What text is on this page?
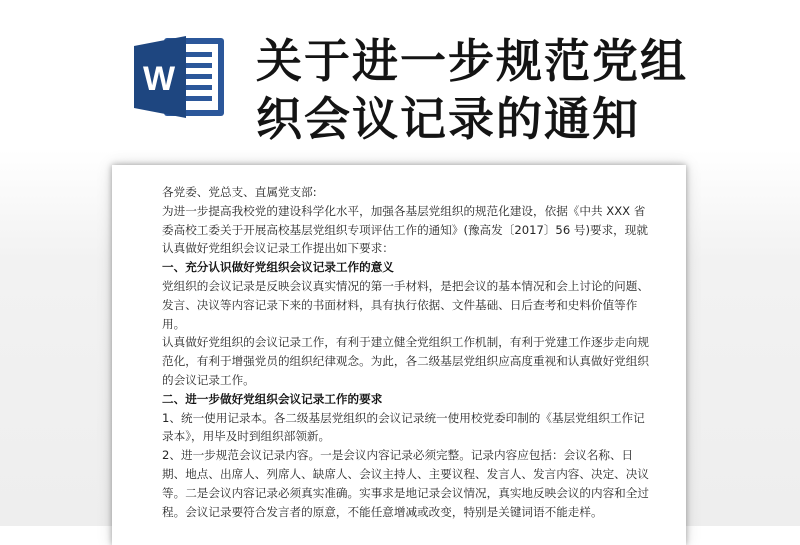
W 关于进一步规范党组
织会议记录的通知

各党委、党总支、直属党支部:

为进一步提高我校党的建设科学化水平，加强各基层党组织的规范化建设，依据《中共 XXX 省委高校工委关于开展高校基层党组织专项评估工作的通知》(豫高发〔2017〕56 号)要求，现就认真做好党组织会议记录工作提出如下要求：

一、充分认识做好党组织会议记录工作的意义

党组织的会议记录是反映会议真实情况的第一手材料，是把会议的基本情况和会上讨论的问题、发言、决议等内容记录下来的书面材料，具有执行依据、文件基础、日后查考和史料价值等作用。

认真做好党组织的会议记录工作，有利于建立健全党组织工作机制，有利于党建工作逐步走向规范化，有利于增强党员的组织纪律观念。为此，各二级基层党组织应高度重视和认真做好党组织的会议记录工作。

二、进一步做好党组织会议记录工作的要求

1、统一使用记录本。各二级基层党组织的会议记录统一使用校党委印制的《基层党组织工作记录本》，用毕及时到组织部领新。

2、进一步规范会议记录内容。一是会议内容记录必须完整。记录内容应包括：会议名称、日期、地点、出席人、列席人、缺席人、会议主持人、主要议程、发言人、发言内容、决定、决议等。二是会议内容记录必须真实准确。实事求是地记录会议情况，真实地反映会议的内容和全过程。会议记录要符合发言者的原意，不能任意增减或改变，特别是关键词语不能走样。
